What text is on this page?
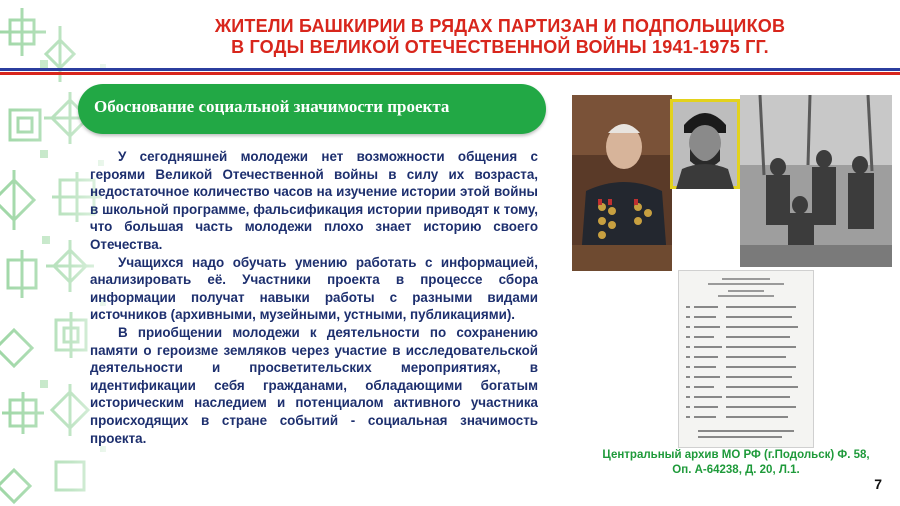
ЖИТЕЛИ БАШКИРИИ В РЯДАХ ПАРТИЗАН И ПОДПОЛЬЩИКОВ
В ГОДЫ ВЕЛИКОЙ ОТЕЧЕСТВЕННОЙ ВОЙНЫ 1941-1975 ГГ.
Обоснование социальной значимости проекта

У сегодняшней молодежи нет возможности общения с героями Великой Отечественной войны в силу их возраста, недостаточное количество часов на изучение истории этой войны в школьной программе, фальсификация истории приводят к тому, что большая часть молодежи плохо знает историю своего Отечества.

Учащихся надо обучать умению работать с информацией, анализировать её. Участники проекта в процессе сбора информации получат навыки работы с разными видами источников (архивными, музейными, устными, публикациями).

В приобщении молодежи к деятельности по сохранению памяти о героизме земляков через участие в исследовательской деятельности и просветительских мероприятиях, в идентификации себя гражданами, обладающими богатым историческим наследием и потенциалом активного участника происходящих в стране событий - социальная значимость проекта.

Центральный архив МО РФ (г.Подольск) Ф. 58,
Оп. А-64238, Д. 20, Л.1.
7
